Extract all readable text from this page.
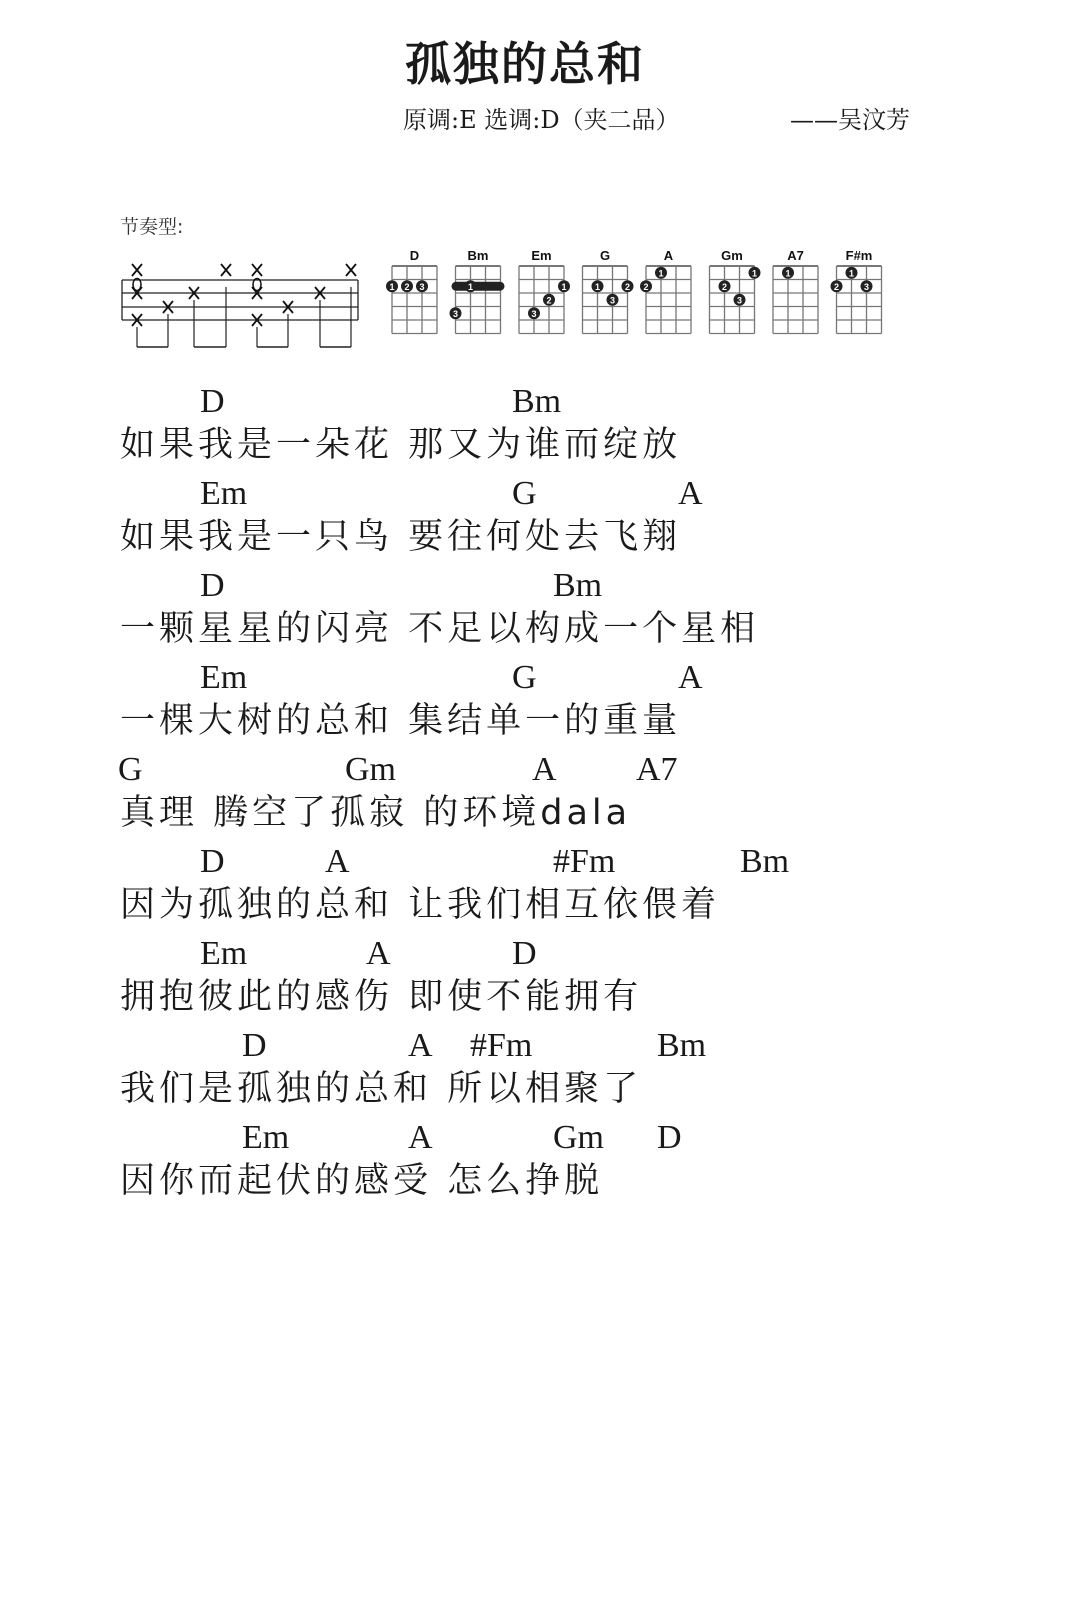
孤独的总和
原调:E 选调:D（夹二品）	——吴汶芳
节奏型:
D
1 2 3
Bm
1
3
Em
1
2
3
G
1	2
3
A
1
2
Gm
1
2
3
A7
1
F#m
1
2	3
D	Bm
如果我是一朵花 那又为谁而绽放
Em	G	A
如果我是一只鸟 要往何处去飞翔
D	Bm
一颗星星的闪亮 不足以构成一个星相
Em	G	A
一棵大树的总和 集结单一的重量
G	Gm	A A7
真理 腾空了孤寂 的环境dala
D	A	#Fm	Bm
因为孤独的总和 让我们相互依偎着
Em	A	D
拥抱彼此的感伤 即使不能拥有
D	A #Fm	Bm
我们是孤独的总和 所以相聚了
Em	A	Gm D
因你而起伏的感受 怎么挣脱
